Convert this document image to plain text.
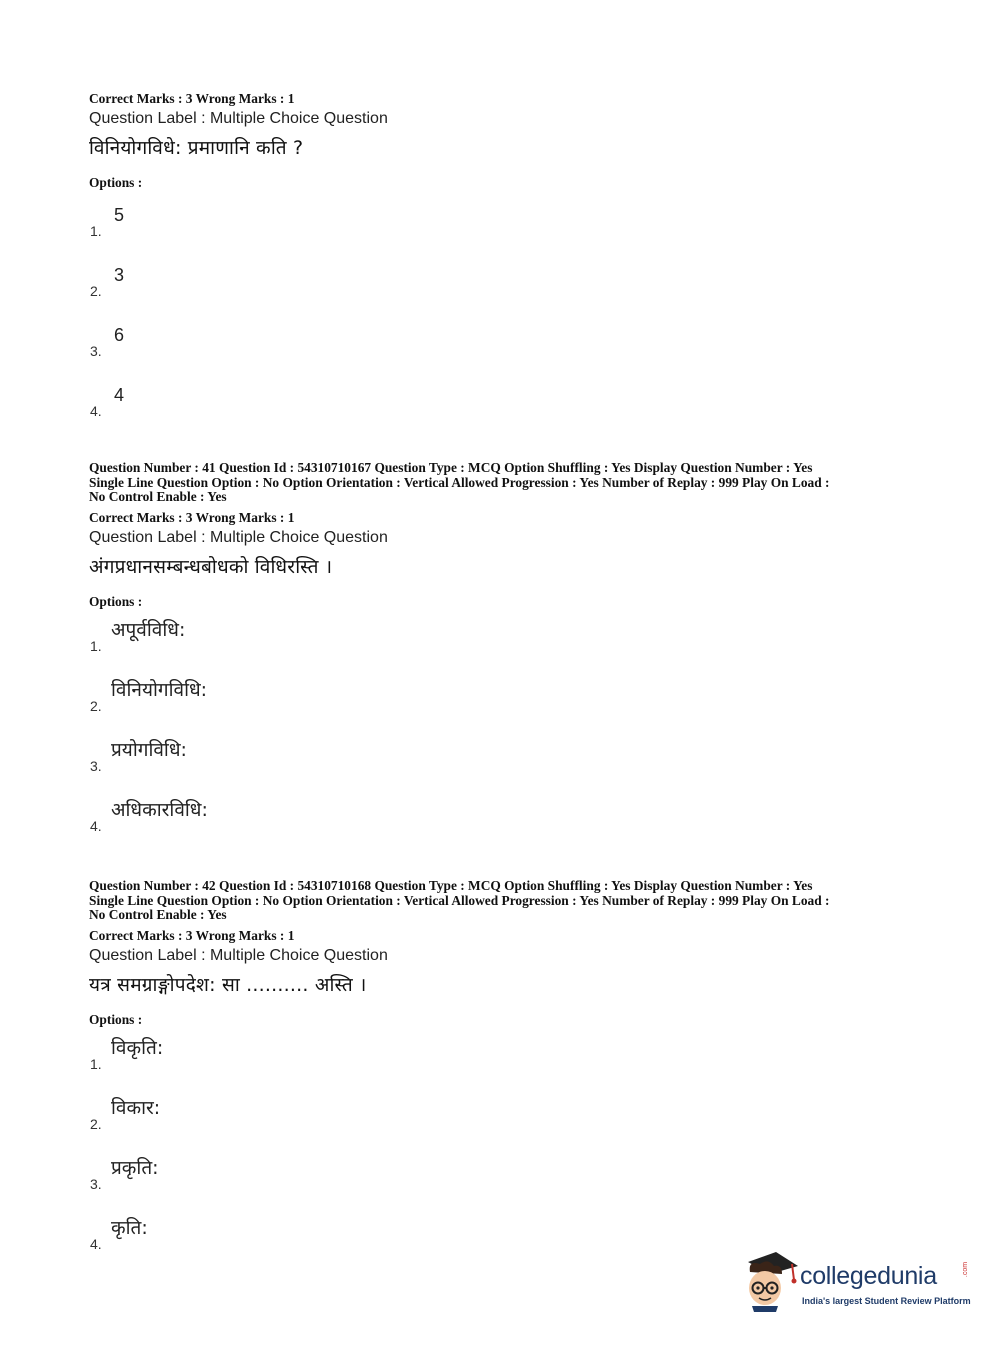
Correct Marks : 3 Wrong Marks : 1

Question Label : Multiple Choice Question

विनियोगविधे: प्रमाणानि कति ?

Options :

1.
5
2.
3
3.
6
4.
4

Question Number : 41 Question Id : 54310710167 Question Type : MCQ Option Shuffling : Yes Display Question Number : Yes

Single Line Question Option : No Option Orientation : Vertical Allowed Progression : Yes Number of Replay : 999 Play On Load :

No Control Enable : Yes

Correct Marks : 3 Wrong Marks : 1

Question Label : Multiple Choice Question

अंगप्रधानसम्बन्धबोधको विधिरस्ति ।

Options :

1.
अपूर्वविधि:
2.
विनियोगविधि:
3.
प्रयोगविधि:
4.
अधिकारविधि:

Question Number : 42 Question Id : 54310710168 Question Type : MCQ Option Shuffling : Yes Display Question Number : Yes

Single Line Question Option : No Option Orientation : Vertical Allowed Progression : Yes Number of Replay : 999 Play On Load :

No Control Enable : Yes

Correct Marks : 3 Wrong Marks : 1

Question Label : Multiple Choice Question

यत्र समग्राङ्गोपदेश: सा .......... अस्ति ।

Options :

1.
विकृति:
2.
विकार:
3.
प्रकृति:
4.
कृति:
collegedunia	.com
India's largest Student Review Platform
